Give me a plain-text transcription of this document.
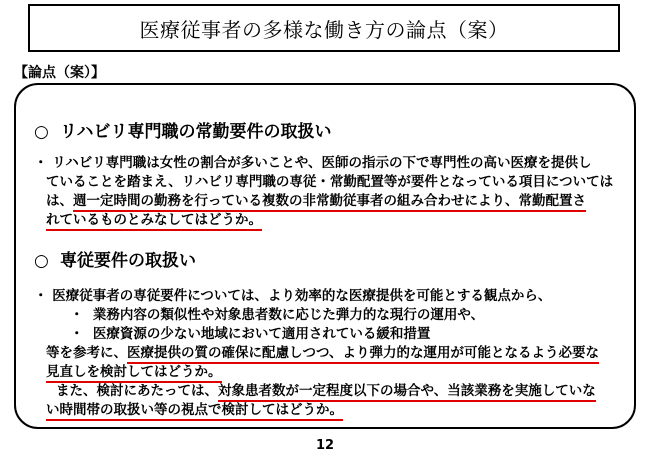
医療従事者の多様な働き方の論点（案）
【論点（案）】
○ リハビリ専門職の常勤要件の取扱い
・ リハビリ専門職は女性の割合が多いことや、医師の指示の下で専門性の高い医療を提供し
ていることを踏まえ、リハビリ専門職の専従・常勤配置等が要件となっている項目については
は、週一定時間の勤務を行っている複数の非常勤従事者の組み合わせにより、常勤配置さ
れているものとみなしてはどうか。
○ 専従要件の取扱い
・ 医療従事者の専従要件については、より効率的な医療提供を可能とする観点から、
・ 業務内容の類似性や対象患者数に応じた弾力的な現行の運用や、
・ 医療資源の少ない地域において適用されている緩和措置
等を参考に、医療提供の質の確保に配慮しつつ、より弾力的な運用が可能となるよう必要な
見直しを検討してはどうか。
また、検討にあたっては、対象患者数が一定程度以下の場合や、当該業務を実施していな
い時間帯の取扱い等の視点で検討してはどうか。
12
